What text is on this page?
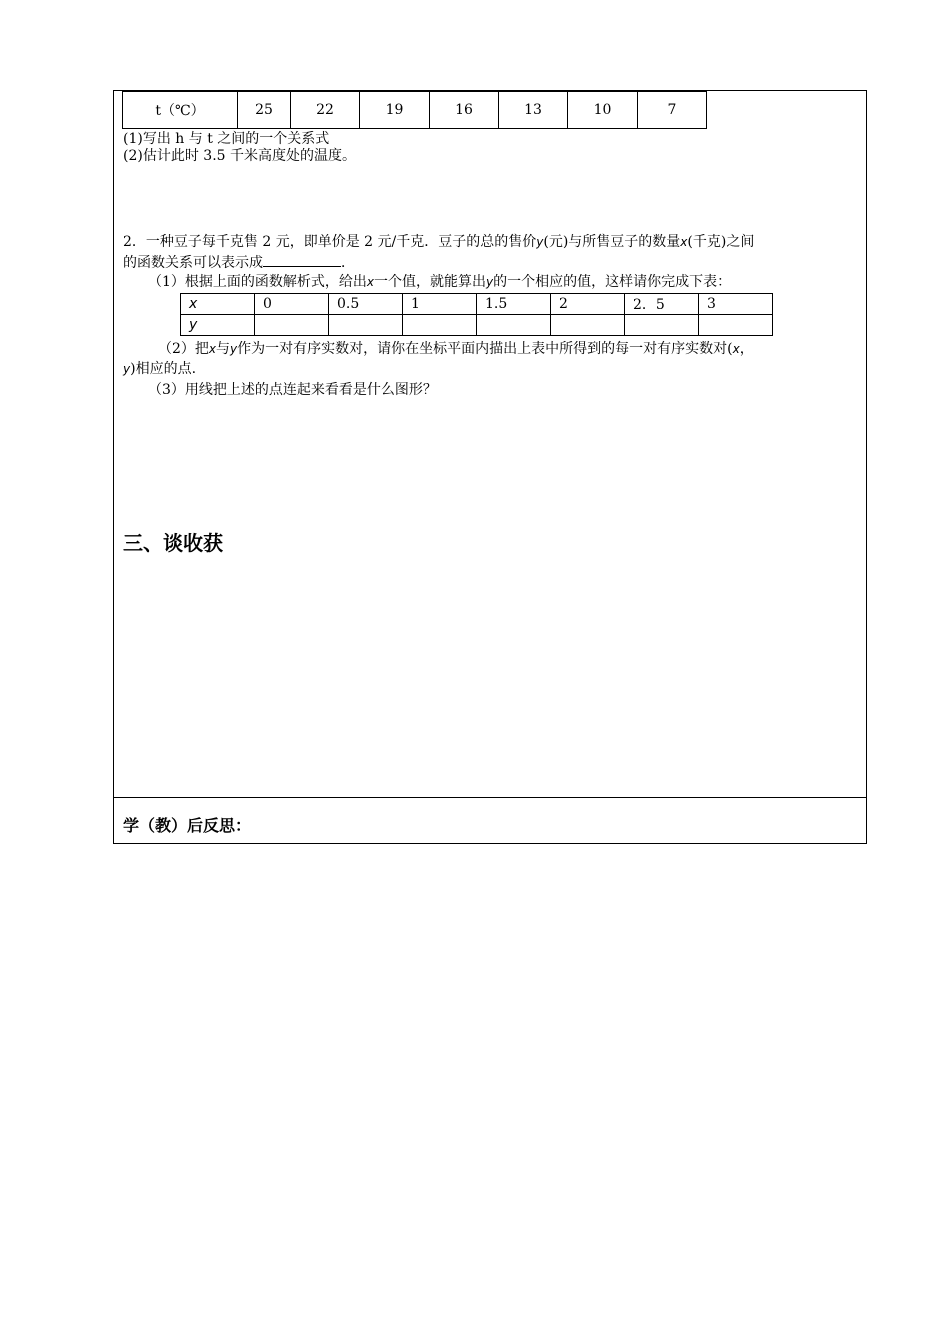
t（℃）	25	22	19	16	13	10	7
(1)写出 h 与 t 之间的一个关系式
(2)估计此时 3.5 千米高度处的温度。
2．一种豆子每千克售 2 元，即单价是 2 元/千克．豆子的总的售价y(元)与所售豆子的数量x(千克)之间
的函数关系可以表示成	．
（1）根据上面的函数解析式，给出x一个值，就能算出y的一个相应的值，这样请你完成下表：
x	0	0.5	1	1.5	2	2．5	3
y							
（2）把x与y作为一对有序实数对，请你在坐标平面内描出上表中所得到的每一对有序实数对(x，
y)相应的点.
（3）用线把上述的点连起来看看是什么图形？
三、谈收获
学（教）后反思：
